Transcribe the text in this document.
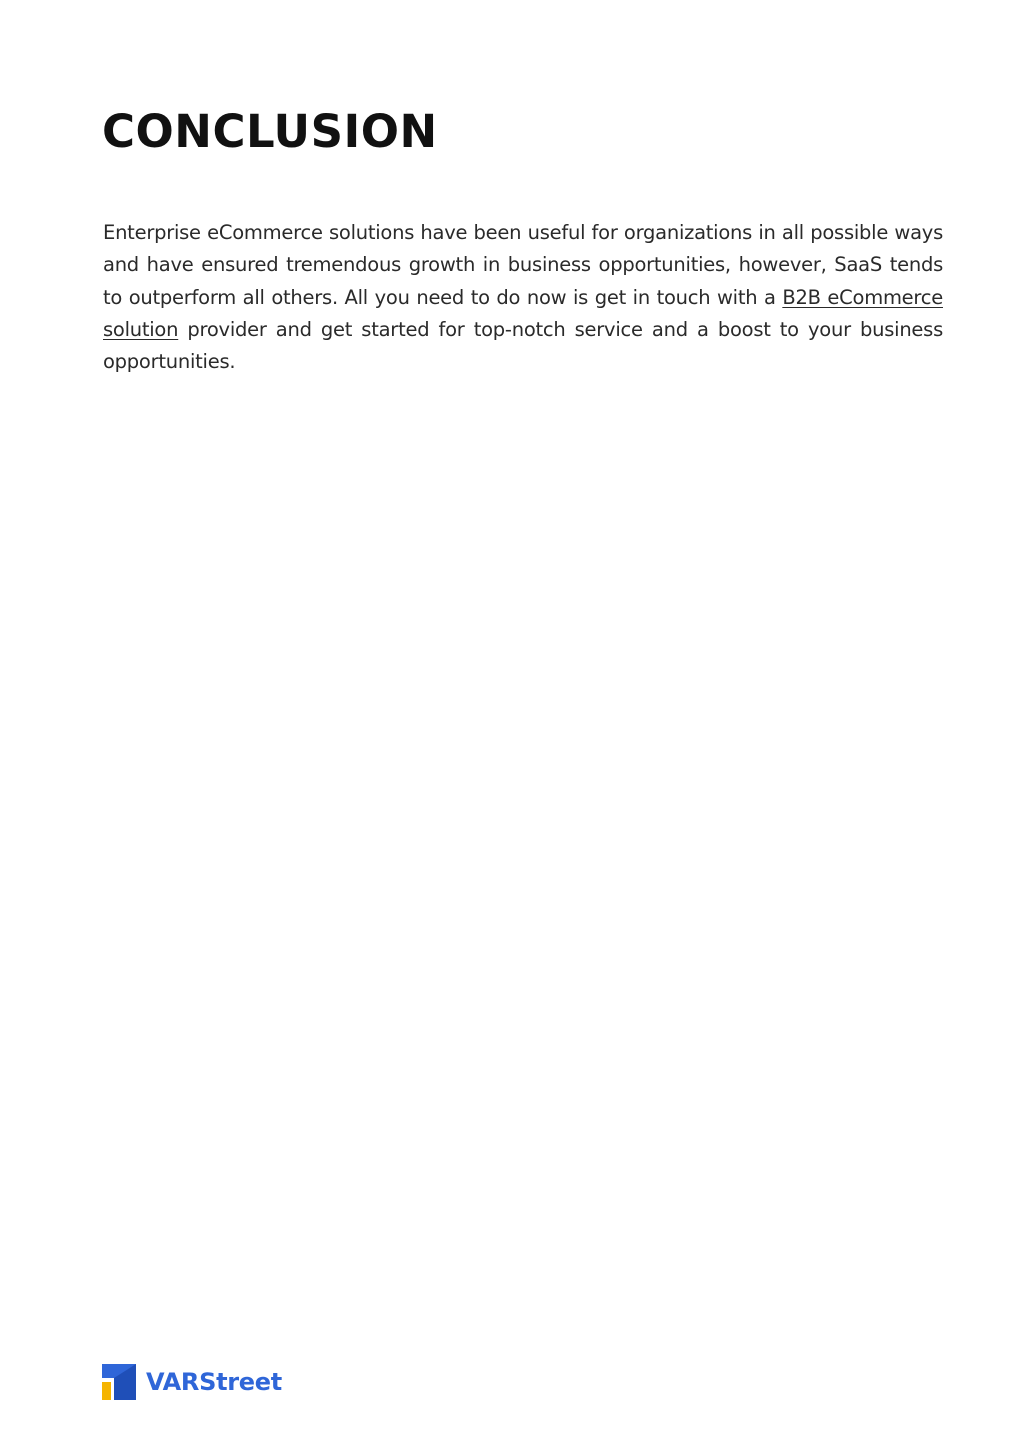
CONCLUSION

Enterprise eCommerce solutions have been useful for organizations in all possible ways and have ensured tremendous growth in business opportunities, however, SaaS tends to outperform all others. All you need to do now is get in touch with a B2B eCommerce solution provider and get started for top-notch service and a boost to your business opportunities.

VARStreet
